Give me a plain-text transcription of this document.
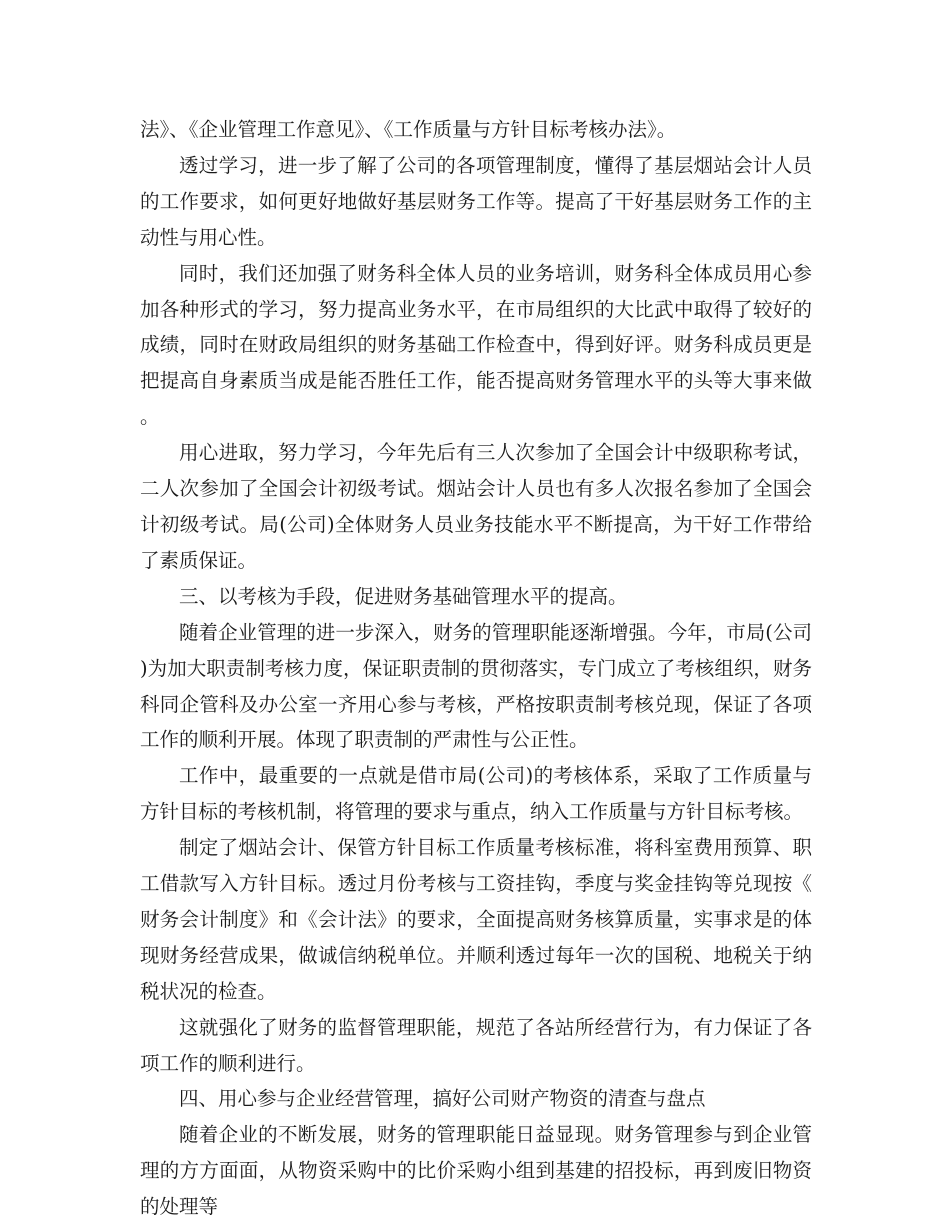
法》、《企业管理工作意见》、《工作质量与方针目标考核办法》。

透过学习，进一步了解了公司的各项管理制度，懂得了基层烟站会计人员的工作要求，如何更好地做好基层财务工作等。提高了干好基层财务工作的主动性与用心性。

同时，我们还加强了财务科全体人员的业务培训，财务科全体成员用心参加各种形式的学习，努力提高业务水平，在市局组织的大比武中取得了较好的成绩，同时在财政局组织的财务基础工作检查中，得到好评。财务科成员更是把提高自身素质当成是能否胜任工作，能否提高财务管理水平的头等大事来做。

用心进取，努力学习，今年先后有三人次参加了全国会计中级职称考试，二人次参加了全国会计初级考试。烟站会计人员也有多人次报名参加了全国会计初级考试。局(公司)全体财务人员业务技能水平不断提高，为干好工作带给了素质保证。

三、以考核为手段，促进财务基础管理水平的提高。

随着企业管理的进一步深入，财务的管理职能逐渐增强。今年，市局(公司)为加大职责制考核力度，保证职责制的贯彻落实，专门成立了考核组织，财务科同企管科及办公室一齐用心参与考核，严格按职责制考核兑现，保证了各项工作的顺利开展。体现了职责制的严肃性与公正性。

工作中，最重要的一点就是借市局(公司)的考核体系，采取了工作质量与方针目标的考核机制，将管理的要求与重点，纳入工作质量与方针目标考核。

制定了烟站会计、保管方针目标工作质量考核标准，将科室费用预算、职工借款写入方针目标。透过月份考核与工资挂钩，季度与奖金挂钩等兑现按《财务会计制度》和《会计法》的要求，全面提高财务核算质量，实事求是的体现财务经营成果，做诚信纳税单位。并顺利透过每年一次的国税、地税关于纳税状况的检查。

这就强化了财务的监督管理职能，规范了各站所经营行为，有力保证了各项工作的顺利进行。

四、用心参与企业经营管理，搞好公司财产物资的清查与盘点

随着企业的不断发展，财务的管理职能日益显现。财务管理参与到企业管理的方方面面，从物资采购中的比价采购小组到基建的招投标，再到废旧物资的处理等
